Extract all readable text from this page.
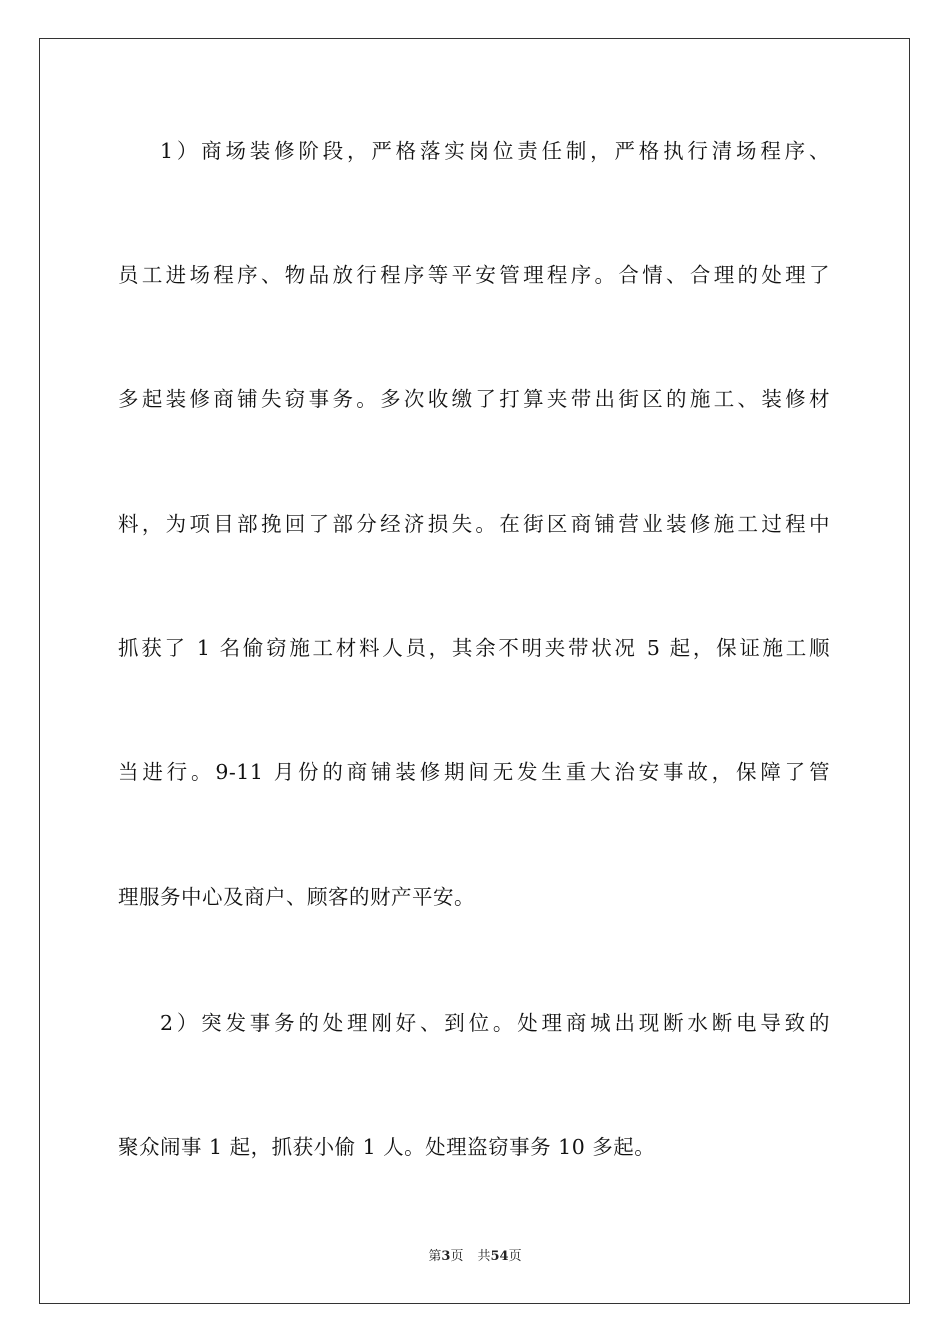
1）商场装修阶段，严格落实岗位责任制，严格执行清场程序、
员工进场程序、物品放行程序等平安管理程序。合情、合理的处理了
多起装修商铺失窃事务。多次收缴了打算夹带出街区的施工、装修材
料，为项目部挽回了部分经济损失。在街区商铺营业装修施工过程中
抓获了 1 名偷窃施工材料人员，其余不明夹带状况 5 起，保证施工顺
当进行。9-11 月份的商铺装修期间无发生重大治安事故，保障了管
理服务中心及商户、顾客的财产平安。
2）突发事务的处理刚好、到位。处理商城出现断水断电导致的
聚众闹事 1 起，抓获小偷 1 人。处理盗窃事务 10 多起。
第3页 共54页
